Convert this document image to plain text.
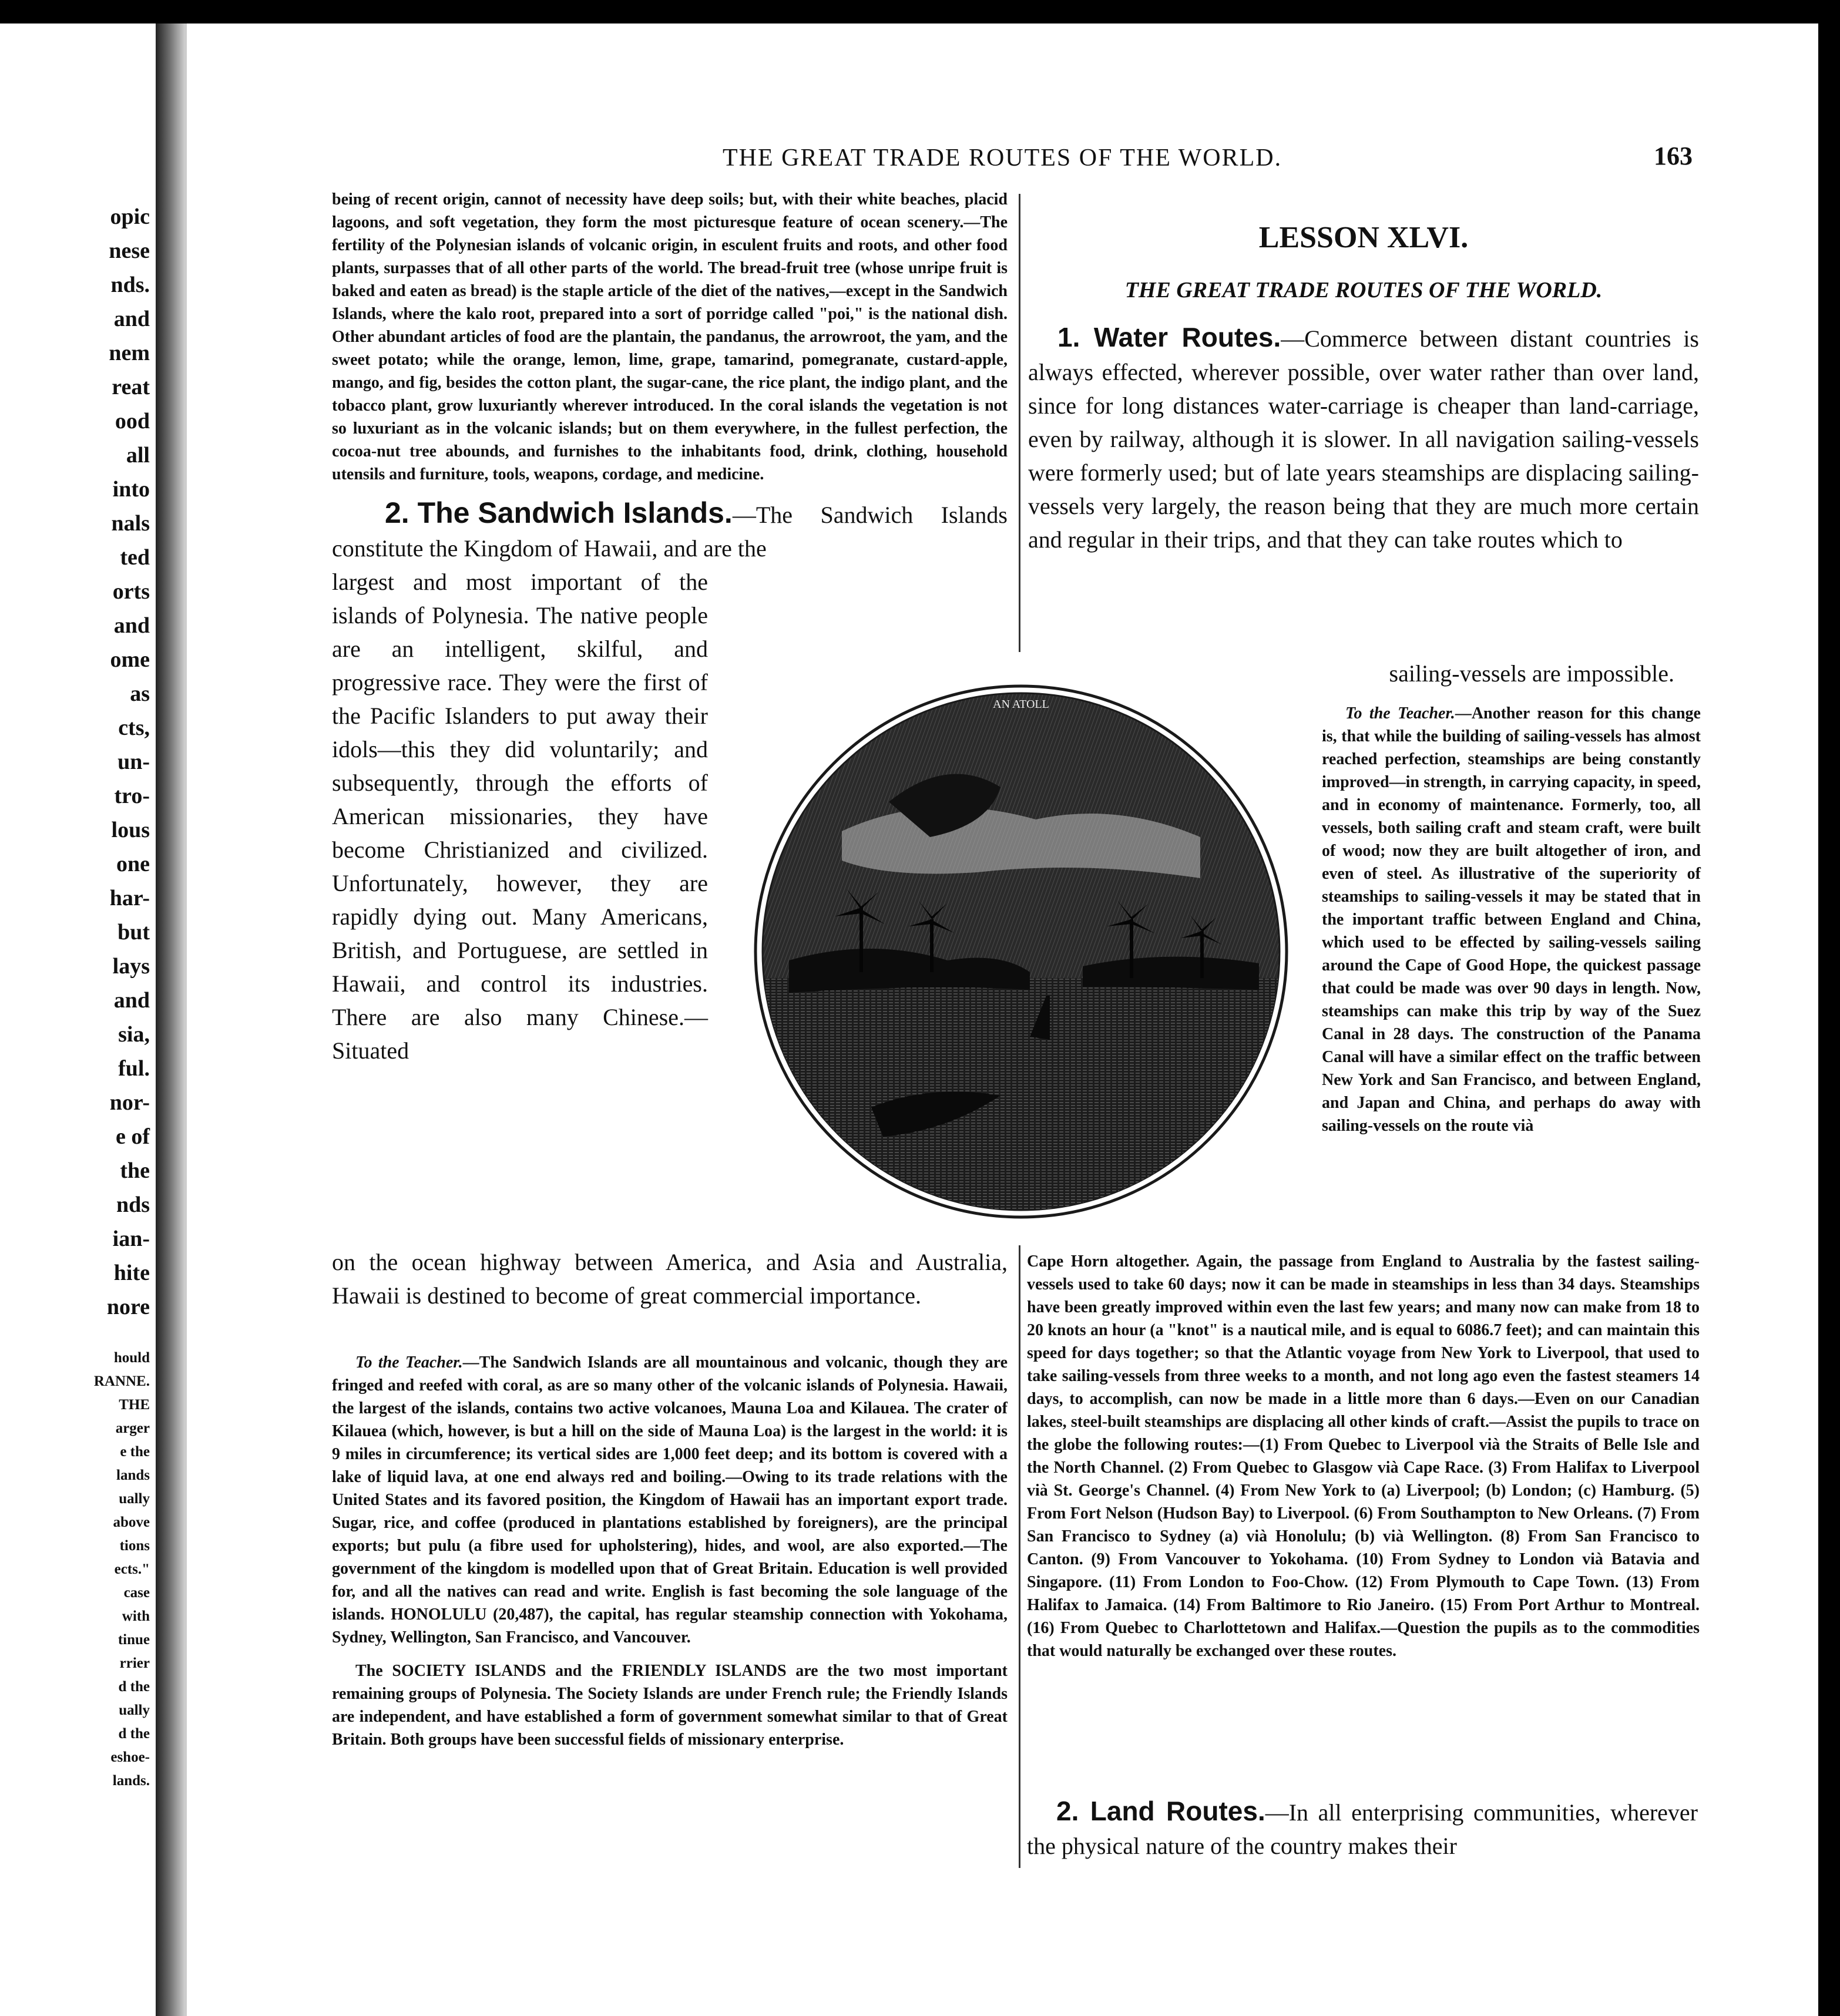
opic
nese
nds.
and
nem
reat
ood
all
into
nals
ted
orts
and
ome
as
cts,
un-
tro-
lous
one
har-
but
lays
and
sia,
ful.
nor-
e of
the
nds
ian-
hite
nore
hould
RANNE.
THE
arger
e the
lands
ually
above
tions
ects."
case
with
tinue
rrier
d the
ually
d the
eshoe-
lands.
THE GREAT TRADE ROUTES OF THE WORLD.	163

being of recent origin, cannot of necessity have deep soils; but, with their white beaches, placid lagoons, and soft vegetation, they form the most picturesque feature of ocean scenery.—The fertility of the Polynesian islands of volcanic origin, in esculent fruits and roots, and other food plants, surpasses that of all other parts of the world. The bread-fruit tree (whose unripe fruit is baked and eaten as bread) is the staple article of the diet of the natives,—except in the Sandwich Islands, where the kalo root, prepared into a sort of porridge called "poi," is the national dish. Other abundant articles of food are the plantain, the pandanus, the arrowroot, the yam, and the sweet potato; while the orange, lemon, lime, grape, tamarind, pomegranate, custard-apple, mango, and fig, besides the cotton plant, the sugar-cane, the rice plant, the indigo plant, and the tobacco plant, grow luxuriantly wherever introduced. In the coral islands the vegetation is not so luxuriant as in the volcanic islands; but on them everywhere, in the fullest perfection, the cocoa-nut tree abounds, and furnishes to the inhabitants food, drink, clothing, household utensils and furniture, tools, weapons, cordage, and medicine.

2. The Sandwich Islands.—The Sandwich Islands constitute the Kingdom of Hawaii, and are the

largest and most important of the islands of Polynesia. The native people are an intelligent, skilful, and progressive race. They were the first of the Pacific Islanders to put away their idols—this they did voluntarily; and subsequently, through the efforts of American missionaries, they have become Christianized and civilized. Unfortunately, however, they are rapidly dying out. Many Americans, British, and Portuguese, are settled in Hawaii, and control its industries. There are also many Chinese.—Situated

on the ocean highway between America, and Asia and Australia, Hawaii is destined to become of great commercial importance.

To the Teacher.—The Sandwich Islands are all mountainous and volcanic, though they are fringed and reefed with coral, as are so many other of the volcanic islands of Polynesia. Hawaii, the largest of the islands, contains two active volcanoes, Mauna Loa and Kilauea. The crater of Kilauea (which, however, is but a hill on the side of Mauna Loa) is the largest in the world: it is 9 miles in circumference; its vertical sides are 1,000 feet deep; and its bottom is covered with a lake of liquid lava, at one end always red and boiling.—Owing to its trade relations with the United States and its favored position, the Kingdom of Hawaii has an important export trade. Sugar, rice, and coffee (produced in plantations established by foreigners), are the principal exports; but pulu (a fibre used for upholstering), hides, and wool, are also exported.—The government of the kingdom is modelled upon that of Great Britain. Education is well provided for, and all the natives can read and write. English is fast becoming the sole language of the islands. HONOLULU (20,487), the capital, has regular steamship connection with Yokohama, Sydney, Wellington, San Francisco, and Vancouver.

The SOCIETY ISLANDS and the FRIENDLY ISLANDS are the two most important remaining groups of Polynesia. The Society Islands are under French rule; the Friendly Islands are independent, and have established a form of government somewhat similar to that of Great Britain. Both groups have been successful fields of missionary enterprise.

LESSON XLVI.
THE GREAT TRADE ROUTES OF THE WORLD.

1. Water Routes.—Commerce between distant countries is always effected, wherever possible, over water rather than over land, since for long distances water-carriage is cheaper than land-carriage, even by railway, although it is slower. In all navigation sailing-vessels were formerly used; but of late years steamships are displacing sailing-vessels very largely, the reason being that they are much more certain and regular in their trips, and that they can take routes which to

sailing-vessels are impossible.
AN ATOLL	To the Teacher.—Another reason for this change is, that while the building of sailing-vessels has almost reached perfection, steamships are being constantly improved—in strength, in carrying capacity, in speed, and in economy of maintenance. Formerly, too, all vessels, both sailing craft and steam craft, were built of wood; now they are built altogether of iron, and even of steel. As illustrative of the superiority of steamships to sailing-vessels it may be stated that in the important traffic between England and China, which used to be effected by sailing-vessels sailing around the Cape of Good Hope, the quickest passage that could be made was over 90 days in length. Now, steamships can make this trip by way of the Suez Canal in 28 days. The construction of the Panama Canal will have a similar effect on the traffic between New York and San Francisco, and between England, and Japan and China, and perhaps do away with sailing-vessels on the route vià

Cape Horn altogether. Again, the passage from England to Australia by the fastest sailing-vessels used to take 60 days; now it can be made in steamships in less than 34 days. Steamships have been greatly improved within even the last few years; and many now can make from 18 to 20 knots an hour (a "knot" is a nautical mile, and is equal to 6086.7 feet); and can maintain this speed for days together; so that the Atlantic voyage from New York to Liverpool, that used to take sailing-vessels from three weeks to a month, and not long ago even the fastest steamers 14 days, to accomplish, can now be made in a little more than 6 days.—Even on our Canadian lakes, steel-built steamships are displacing all other kinds of craft.—Assist the pupils to trace on the globe the following routes:—(1) From Quebec to Liverpool vià the Straits of Belle Isle and the North Channel. (2) From Quebec to Glasgow vià Cape Race. (3) From Halifax to Liverpool vià St. George's Channel. (4) From New York to (a) Liverpool; (b) London; (c) Hamburg. (5) From Fort Nelson (Hudson Bay) to Liverpool. (6) From Southampton to New Orleans. (7) From San Francisco to Sydney (a) vià Honolulu; (b) vià Wellington. (8) From San Francisco to Canton. (9) From Vancouver to Yokohama. (10) From Sydney to London vià Batavia and Singapore. (11) From London to Foo-Chow. (12) From Plymouth to Cape Town. (13) From Halifax to Jamaica. (14) From Baltimore to Rio Janeiro. (15) From Port Arthur to Montreal. (16) From Quebec to Charlottetown and Halifax.—Question the pupils as to the commodities that would naturally be exchanged over these routes.

2. Land Routes.—In all enterprising communities, wherever the physical nature of the country makes their
